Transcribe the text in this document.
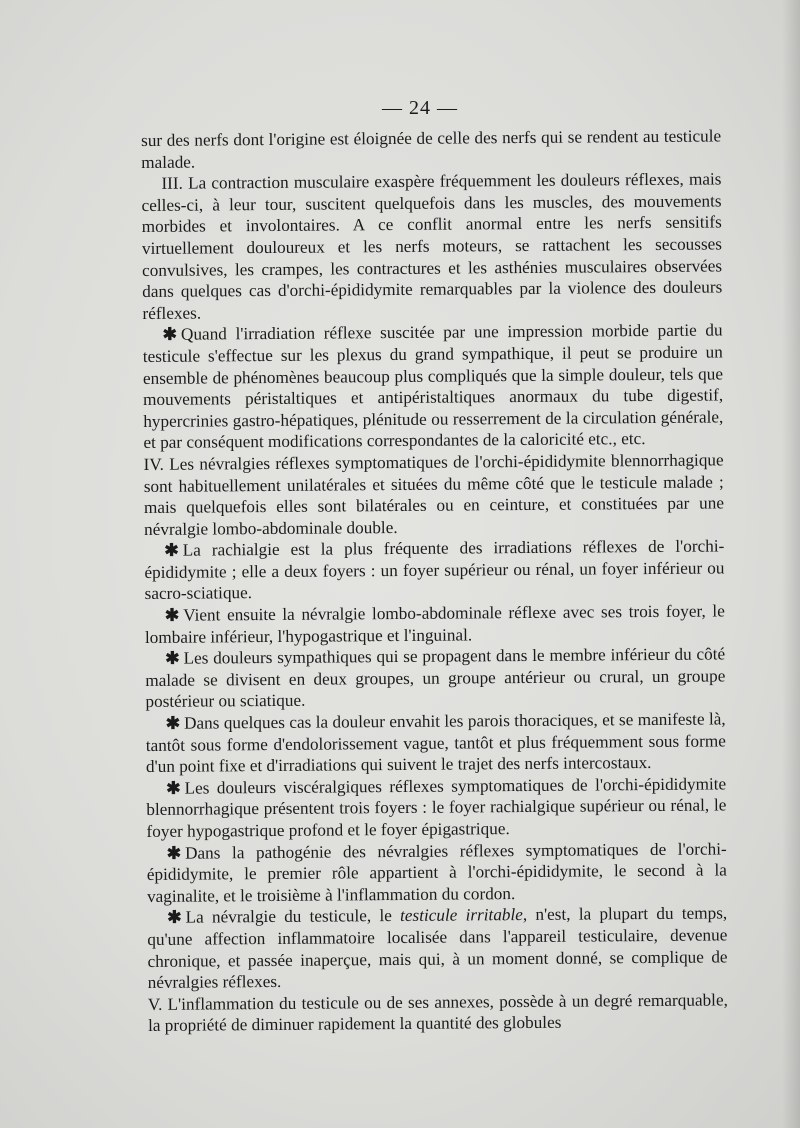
— 24 —

sur des nerfs dont l'origine est éloignée de celle des nerfs qui se rendent au testicule malade.

III. La contraction musculaire exaspère fréquemment les douleurs réflexes, mais celles-ci, à leur tour, suscitent quelquefois dans les muscles, des mouvements morbides et involontaires. A ce conflit anormal entre les nerfs sensitifs virtuellement douloureux et les nerfs moteurs, se rattachent les secousses convulsives, les crampes, les contractures et les asthénies musculaires observées dans quelques cas d'orchi-épididymite remarquables par la violence des douleurs réflexes.

✱ Quand l'irradiation réflexe suscitée par une impression morbide partie du testicule s'effectue sur les plexus du grand sympathique, il peut se produire un ensemble de phénomènes beaucoup plus compliqués que la simple douleur, tels que mouvements péristaltiques et antipéristaltiques anormaux du tube digestif, hypercrinies gastro-hépatiques, plénitude ou resserrement de la circulation générale, et par conséquent modifications correspondantes de la caloricité etc., etc.

IV. Les névralgies réflexes symptomatiques de l'orchi-épididymite blennorrhagique sont habituellement unilatérales et situées du même côté que le testicule malade ; mais quelquefois elles sont bilatérales ou en ceinture, et constituées par une névralgie lombo-abdominale double.

✱ La rachialgie est la plus fréquente des irradiations réflexes de l'orchi-épididymite ; elle a deux foyers : un foyer supérieur ou rénal, un foyer inférieur ou sacro-sciatique.

✱ Vient ensuite la névralgie lombo-abdominale réflexe avec ses trois foyer, le lombaire inférieur, l'hypogastrique et l'inguinal.

✱ Les douleurs sympathiques qui se propagent dans le membre inférieur du côté malade se divisent en deux groupes, un groupe antérieur ou crural, un groupe postérieur ou sciatique.

✱ Dans quelques cas la douleur envahit les parois thoraciques, et se manifeste là, tantôt sous forme d'endolorissement vague, tantôt et plus fréquemment sous forme d'un point fixe et d'irradiations qui suivent le trajet des nerfs intercostaux.

✱ Les douleurs viscéralgiques réflexes symptomatiques de l'orchi-épididymite blennorrhagique présentent trois foyers : le foyer rachialgique supérieur ou rénal, le foyer hypogastrique profond et le foyer épigastrique.

✱ Dans la pathogénie des névralgies réflexes symptomatiques de l'orchi-épididymite, le premier rôle appartient à l'orchi-épididymite, le second à la vaginalite, et le troisième à l'inflammation du cordon.

✱ La névralgie du testicule, le testicule irritable, n'est, la plupart du temps, qu'une affection inflammatoire localisée dans l'appareil testiculaire, devenue chronique, et passée inaperçue, mais qui, à un moment donné, se complique de névralgies réflexes.

V. L'inflammation du testicule ou de ses annexes, possède à un degré remarquable, la propriété de diminuer rapidement la quantité des globules
